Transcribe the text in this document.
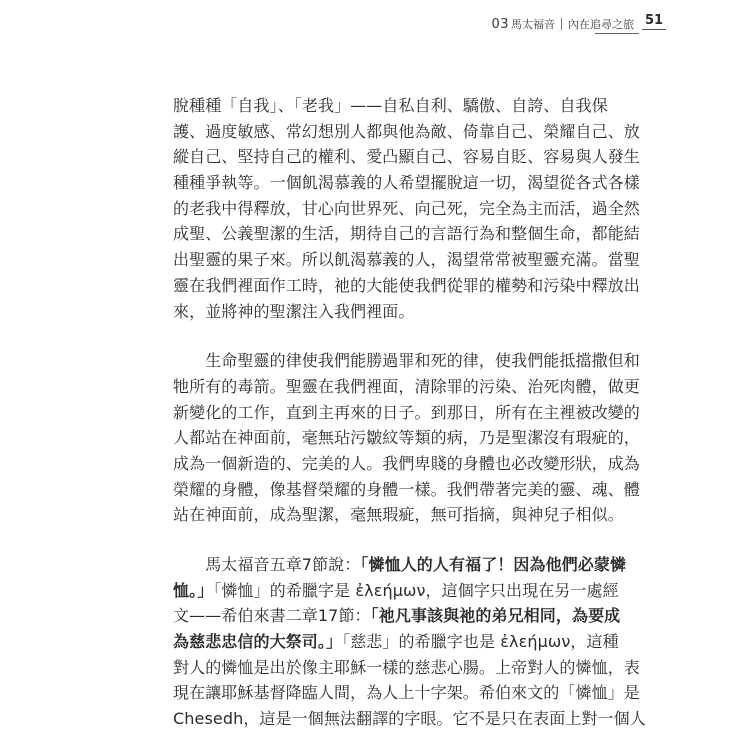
03 馬太福音 內在追尋之旅 51
脫種種「自我」、「老我」——自私自利、驕傲、自誇、自我保
護、過度敏感、常幻想別人都與他為敵、倚靠自己、榮耀自己、放
縱自己、堅持自己的權利、愛凸顯自己、容易自貶、容易與人發生
種種爭執等。一個飢渴慕義的人希望擺脫這一切，渴望從各式各樣
的老我中得釋放，甘心向世界死、向己死，完全為主而活，過全然
成聖、公義聖潔的生活，期待自己的言語行為和整個生命，都能結
出聖靈的果子來。所以飢渴慕義的人，渴望常常被聖靈充滿。當聖
靈在我們裡面作工時，祂的大能使我們從罪的權勢和污染中釋放出
來，並將神的聖潔注入我們裡面。
　　生命聖靈的律使我們能勝過罪和死的律，使我們能抵擋撒但和
牠所有的毒箭。聖靈在我們裡面，清除罪的污染、治死肉體，做更
新變化的工作，直到主再來的日子。到那日，所有在主裡被改變的
人都站在神面前，毫無玷污皺紋等類的病，乃是聖潔沒有瑕疵的，
成為一個新造的、完美的人。我們卑賤的身體也必改變形狀，成為
榮耀的身體，像基督榮耀的身體一樣。我們帶著完美的靈、魂、體
站在神面前，成為聖潔，毫無瑕疵，無可指摘，與神兒子相似。
　　馬太福音五章7節說：「憐恤人的人有福了！因為他們必蒙憐
恤。」「憐恤」的希臘字是 ἐλεήμων，這個字只出現在另一處經
文——希伯來書二章17節：「祂凡事該與祂的弟兄相同，為要成
為慈悲忠信的大祭司。」「慈悲」的希臘字也是 ἐλεήμων，這種
對人的憐恤是出於像主耶穌一樣的慈悲心腸。上帝對人的憐恤，表
現在讓耶穌基督降臨人間，為人上十字架。希伯來文的「憐恤」是
Chesedh，這是一個無法翻譯的字眼。它不是只在表面上對一個人
